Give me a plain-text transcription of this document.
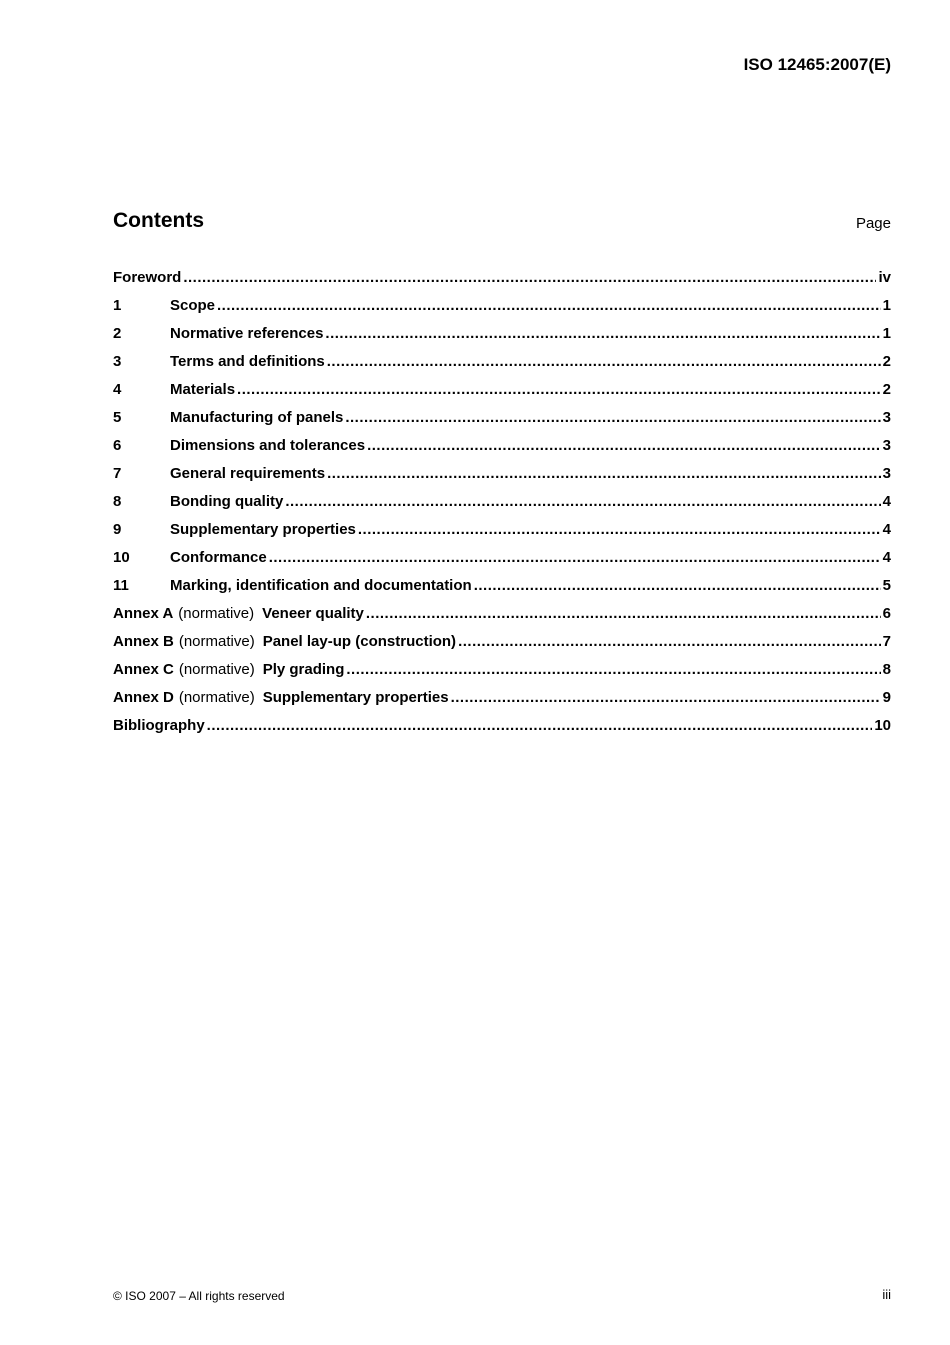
ISO 12465:2007(E)
Contents	Page
Foreword .....	iv
1	Scope .....	1
2	Normative references .....	1
3	Terms and definitions .....	2
4	Materials .....	2
5	Manufacturing of panels .....	3
6	Dimensions and tolerances .....	3
7	General requirements .....	3
8	Bonding quality .....	4
9	Supplementary properties .....	4
10	Conformance .....	4
11	Marking, identification and documentation .....	5
Annex A (normative) Veneer quality .....	6
Annex B (normative) Panel lay-up (construction) .....	7
Annex C (normative) Ply grading .....	8
Annex D (normative) Supplementary properties .....	9
Bibliography .....	10
© ISO 2007 – All rights reserved	iii
